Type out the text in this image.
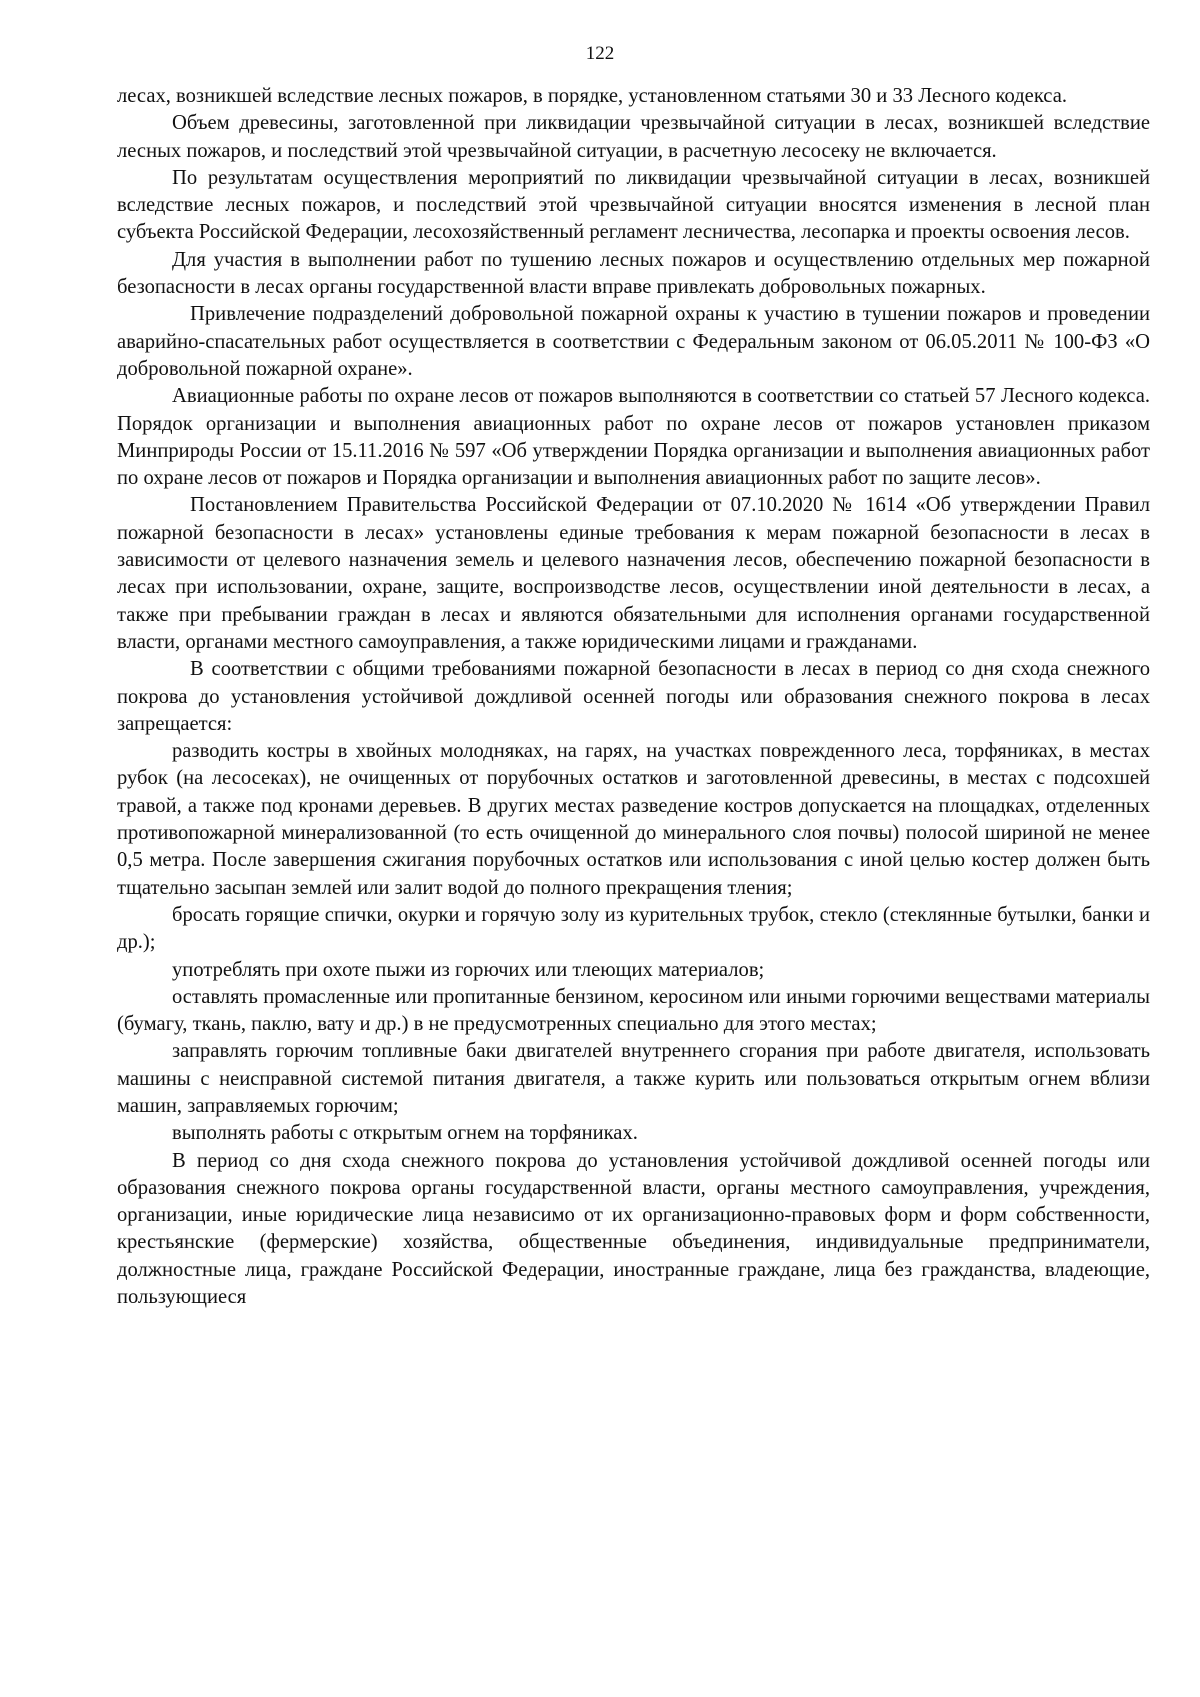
122

лесах, возникшей вследствие лесных пожаров, в порядке, установленном статьями 30 и 33 Лесного кодекса.

Объем древесины, заготовленной при ликвидации чрезвычайной ситуации в лесах, возникшей вследствие лесных пожаров, и последствий этой чрезвычайной ситуации, в расчетную лесосеку не включается.

По результатам осуществления мероприятий по ликвидации чрезвычайной ситуации в лесах, возникшей вследствие лесных пожаров, и последствий этой чрезвычайной ситуации вносятся изменения в лесной план субъекта Российской Федерации, лесохозяйственный регламент лесничества, лесопарка и проекты освоения лесов.

Для участия в выполнении работ по тушению лесных пожаров и осуществлению отдельных мер пожарной безопасности в лесах органы государственной власти вправе привлекать добровольных пожарных.

Привлечение подразделений добровольной пожарной охраны к участию в тушении пожаров и проведении аварийно-спасательных работ осуществляется в соответствии с Федеральным законом от 06.05.2011 № 100-ФЗ «О добровольной пожарной охране».

Авиационные работы по охране лесов от пожаров выполняются в соответствии со статьей 57 Лесного кодекса. Порядок организации и выполнения авиационных работ по охране лесов от пожаров установлен приказом Минприроды России от 15.11.2016 № 597 «Об утверждении Порядка организации и выполнения авиационных работ по охране лесов от пожаров и Порядка организации и выполнения авиационных работ по защите лесов».

Постановлением Правительства Российской Федерации от 07.10.2020 № 1614 «Об утверждении Правил пожарной безопасности в лесах» установлены единые требования к мерам пожарной безопасности в лесах в зависимости от целевого назначения земель и целевого назначения лесов, обеспечению пожарной безопасности в лесах при использовании, охране, защите, воспроизводстве лесов, осуществлении иной деятельности в лесах, а также при пребывании граждан в лесах и являются обязательными для исполнения органами государственной власти, органами местного самоуправления, а также юридическими лицами и гражданами.

В соответствии с общими требованиями пожарной безопасности в лесах в период со дня схода снежного покрова до установления устойчивой дождливой осенней погоды или образования снежного покрова в лесах запрещается:

разводить костры в хвойных молодняках, на гарях, на участках поврежденного леса, торфяниках, в местах рубок (на лесосеках), не очищенных от порубочных остатков и заготовленной древесины, в местах с подсохшей травой, а также под кронами деревьев. В других местах разведение костров допускается на площадках, отделенных противопожарной минерализованной (то есть очищенной до минерального слоя почвы) полосой шириной не менее 0,5 метра. После завершения сжигания порубочных остатков или использования с иной целью костер должен быть тщательно засыпан землей или залит водой до полного прекращения тления;

бросать горящие спички, окурки и горячую золу из курительных трубок, стекло (стеклянные бутылки, банки и др.);

употреблять при охоте пыжи из горючих или тлеющих материалов;

оставлять промасленные или пропитанные бензином, керосином или иными горючими веществами материалы (бумагу, ткань, паклю, вату и др.) в не предусмотренных специально для этого местах;

заправлять горючим топливные баки двигателей внутреннего сгорания при работе двигателя, использовать машины с неисправной системой питания двигателя, а также курить или пользоваться открытым огнем вблизи машин, заправляемых горючим;

выполнять работы с открытым огнем на торфяниках.

В период со дня схода снежного покрова до установления устойчивой дождливой осенней погоды или образования снежного покрова органы государственной власти, органы местного самоуправления, учреждения, организации, иные юридические лица независимо от их организационно-правовых форм и форм собственности, крестьянские (фермерские) хозяйства, общественные объединения, индивидуальные предприниматели, должностные лица, граждане Российской Федерации, иностранные граждане, лица без гражданства, владеющие, пользующиеся
